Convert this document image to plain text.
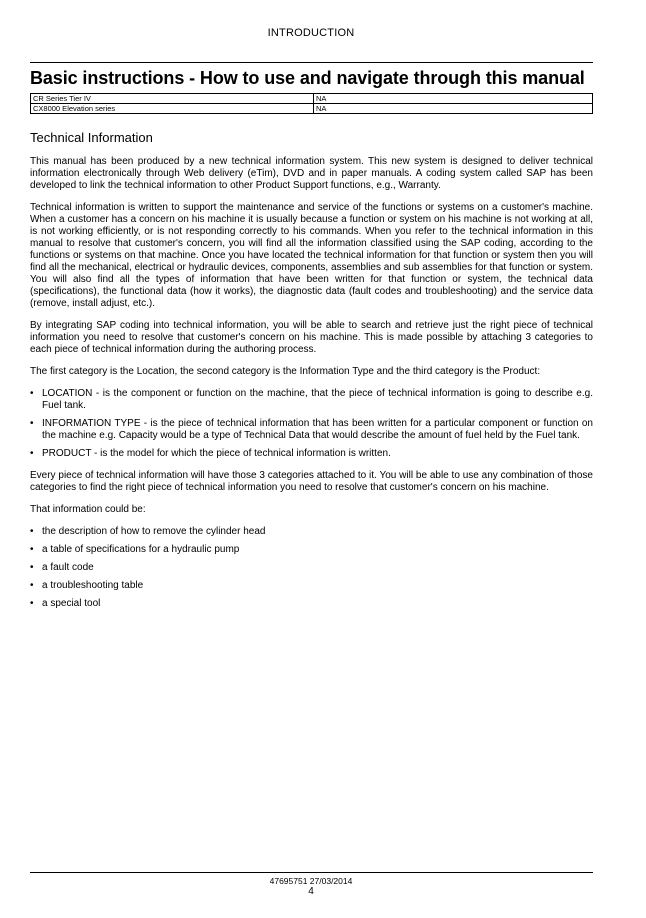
INTRODUCTION
Basic instructions - How to use and navigate through this manual
CR Series Tier IV	NA
CX8000 Elevation series	NA
Technical Information

This manual has been produced by a new technical information system. This new system is designed to deliver technical information electronically through Web delivery (eTim), DVD and in paper manuals. A coding system called SAP has been developed to link the technical information to other Product Support functions, e.g., Warranty.

Technical information is written to support the maintenance and service of the functions or systems on a customer's machine. When a customer has a concern on his machine it is usually because a function or system on his machine is not working at all, is not working efficiently, or is not responding correctly to his commands. When you refer to the technical information in this manual to resolve that customer's concern, you will find all the information classified using the SAP coding, according to the functions or systems on that machine. Once you have located the technical information for that function or system then you will find all the mechanical, electrical or hydraulic devices, components, assemblies and sub assemblies for that function or system. You will also find all the types of information that have been written for that function or system, the technical data (specifications), the functional data (how it works), the diagnostic data (fault codes and troubleshooting) and the service data (remove, install adjust, etc.).

By integrating SAP coding into technical information, you will be able to search and retrieve just the right piece of technical information you need to resolve that customer's concern on his machine. This is made possible by attaching 3 categories to each piece of technical information during the authoring process.

The first category is the Location, the second category is the Information Type and the third category is the Product:

• LOCATION - is the component or function on the machine, that the piece of technical information is going to describe e.g. Fuel tank.
• INFORMATION TYPE - is the piece of technical information that has been written for a particular component or function on the machine e.g. Capacity would be a type of Technical Data that would describe the amount of fuel held by the Fuel tank.
• PRODUCT - is the model for which the piece of technical information is written.

Every piece of technical information will have those 3 categories attached to it. You will be able to use any combination of those categories to find the right piece of technical information you need to resolve that customer's concern on his machine.

That information could be:

• the description of how to remove the cylinder head
• a table of specifications for a hydraulic pump
• a fault code
• a troubleshooting table
• a special tool
47695751 27/03/2014
4
